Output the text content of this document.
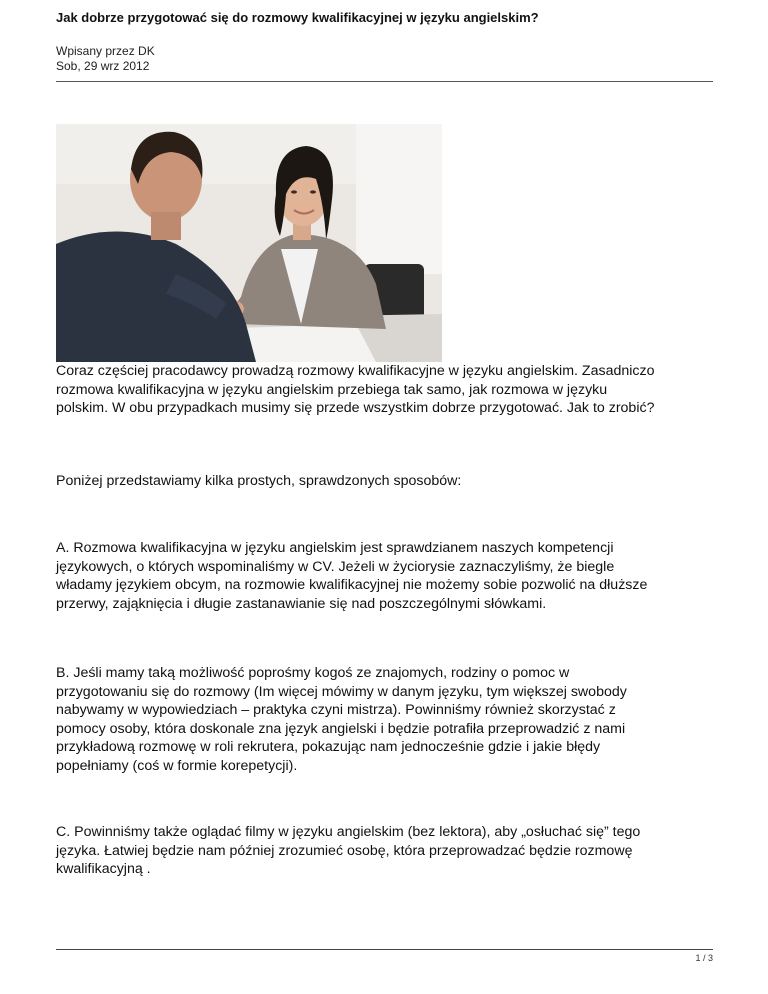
Jak dobrze przygotować się do rozmowy kwalifikacyjnej w języku angielskim?
Wpisany przez DK
Sob, 29 wrz 2012
Coraz częściej pracodawcy prowadzą rozmowy kwalifikacyjne w języku angielskim. Zasadniczo
rozmowa kwalifikacyjna w języku angielskim przebiega tak samo, jak rozmowa w języku
polskim. W obu przypadkach musimy się przede wszystkim dobrze przygotować. Jak to zrobić?
Poniżej przedstawiamy kilka prostych, sprawdzonych sposobów:
A. Rozmowa kwalifikacyjna w języku angielskim jest sprawdzianem naszych kompetencji
językowych, o których wspominaliśmy w CV. Jeżeli w życiorysie zaznaczyliśmy, że biegle
władamy językiem obcym, na rozmowie kwalifikacyjnej nie możemy sobie pozwolić na dłuższe
przerwy, zająknięcia i długie zastanawianie się nad poszczególnymi słówkami.
B. Jeśli mamy taką możliwość poprośmy kogoś ze znajomych, rodziny o pomoc w
przygotowaniu się do rozmowy (Im więcej mówimy w danym języku, tym większej swobody
nabywamy w wypowiedziach – praktyka czyni mistrza). Powinniśmy również skorzystać z
pomocy osoby, która doskonale zna język angielski i będzie potrafiła przeprowadzić z nami
przykładową rozmowę w roli rekrutera, pokazując nam jednocześnie gdzie i jakie błędy
popełniamy (coś w formie korepetycji).
C. Powinniśmy także oglądać filmy w języku angielskim (bez lektora), aby „osłuchać się” tego
języka. Łatwiej będzie nam później zrozumieć osobę, która przeprowadzać będzie rozmowę
kwalifikacyjną .
1 / 3
